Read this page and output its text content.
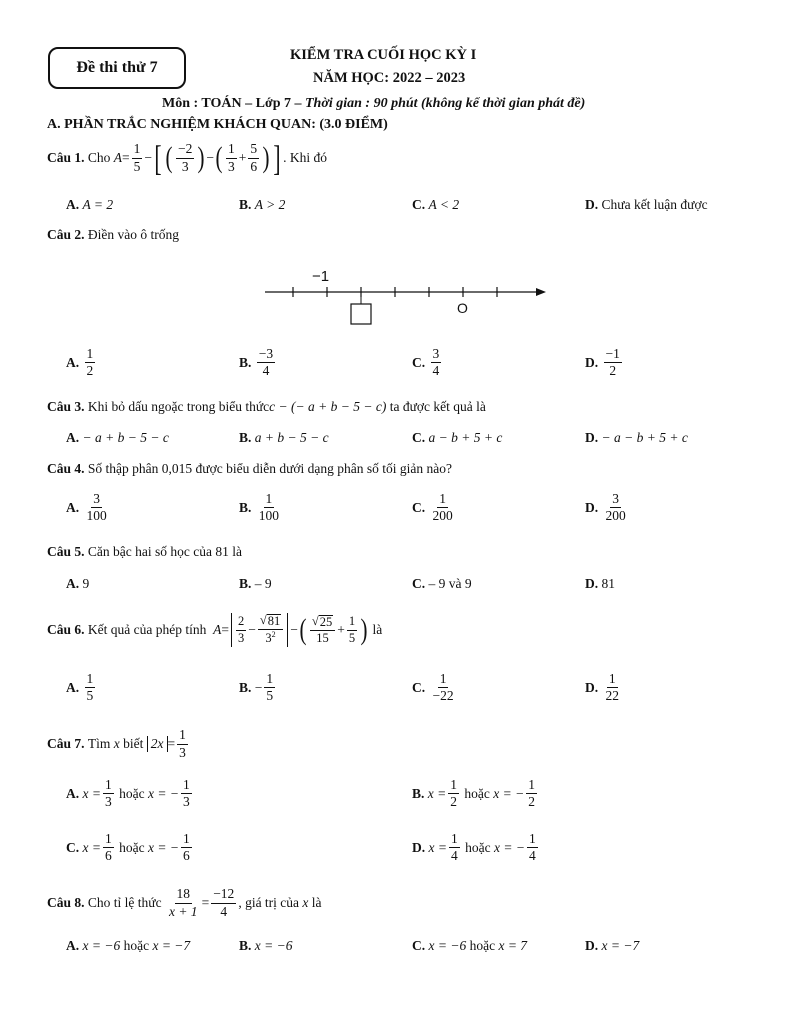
Đề thi thử 7
KIỂM TRA CUỐI HỌC KỲ I
NĂM HỌC: 2022 – 2023
Môn : TOÁN – Lớp 7 – Thời gian : 90 phút (không kể thời gian phát đề)
A. PHẦN TRẮC NGHIỆM KHÁCH QUAN: (3.0 ĐIỂM)
Câu 1.
Cho
$A = \frac{1}{5}$ − [ ( $\frac{-2}{3}$ ) − ( $\frac{1}{3} + \frac{5}{6}$ ) ] . Khi đó
A.
A = 2	B.
A > 2	C.
A < 2	D.
Chưa kết luận được
Câu 2.
Điền vào ô trống
−1
O
A.
$\frac{1}{2}$	B.
$\frac{-3}{4}$	C.
$\frac{3}{4}$	D.
$\frac{-1}{2}$
Câu 3.
Khi bỏ dấu ngoặc trong biểu thức c − (− a + b − 5 − c)
ta được kết quả là
A.
− a + b − 5 − c	B.
a + b − 5 − c	C.
a − b + 5 + c	D.
− a − b + 5 + c
Câu 4.
Số thập phân 0,015 được biểu diễn dưới dạng phân số tối giản nào?
A.
$\frac{3}{100}$	B.
$\frac{1}{100}$	C.
$\frac{1}{200}$	D.
$\frac{3}{200}$
Câu 5.
Căn bậc hai số học của 81 là
A.
9	B.
– 9	C.
– 9 và 9	D.
81
Câu 6.
Kết quả của phép tính
$A = \frac{2}{3} - \frac{√ 81}{3^2}$ − ( $\frac{√ 25}{15} + \frac{1}{5}$ )
là
A.
$\frac{1}{5}$	B.
− $\frac{1}{5}$	C.
$\frac{1}{-22}$	D.
$\frac{1}{22}$
Câu 7.
Tìm
x
biết
$2x = \frac{1}{3}$
A.
$x = \frac{1}{3}$
hoặc
x = − $\frac{1}{3}$	B.
$x = \frac{1}{2}$
hoặc
x = − $\frac{1}{2}$
C.
$x = \frac{1}{6}$
hoặc
x = − $\frac{1}{6}$	D.
$x = \frac{1}{4}$
hoặc
x = − $\frac{1}{4}$
Câu 8.
Cho tỉ lệ thức
$\frac{18}{x + 1} = \frac{-12}{4}$ , giá trị của
x
là
A.
x = −6
hoặc
x = −7	B.
x = −6	C.
x = −6
hoặc
x = 7	D.
x = −7
